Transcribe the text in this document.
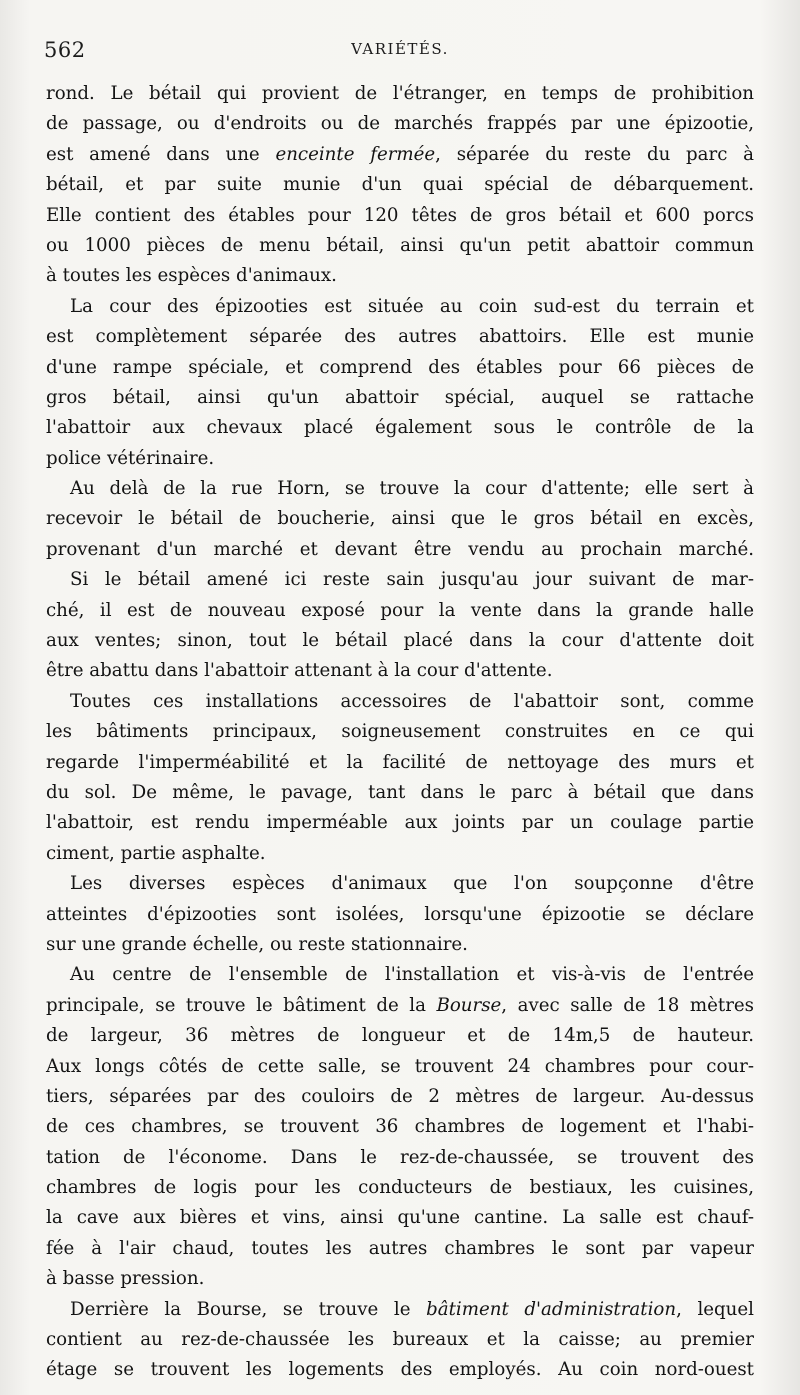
562	VARIÉTÉS.
rond. Le bétail qui provient de l'étranger, en temps de prohibition
de passage, ou d'endroits ou de marchés frappés par une épizootie,
est amené dans une enceinte fermée, séparée du reste du parc à
bétail, et par suite munie d'un quai spécial de débarquement.
Elle contient des étables pour 120 têtes de gros bétail et 600 porcs
ou 1000 pièces de menu bétail, ainsi qu'un petit abattoir commun
à toutes les espèces d'animaux.
La cour des épizooties est située au coin sud-est du terrain et
est complètement séparée des autres abattoirs. Elle est munie
d'une rampe spéciale, et comprend des étables pour 66 pièces de
gros bétail, ainsi qu'un abattoir spécial, auquel se rattache
l'abattoir aux chevaux placé également sous le contrôle de la
police vétérinaire.
Au delà de la rue Horn, se trouve la cour d'attente; elle sert à
recevoir le bétail de boucherie, ainsi que le gros bétail en excès,
provenant d'un marché et devant être vendu au prochain marché.
Si le bétail amené ici reste sain jusqu'au jour suivant de mar-
ché, il est de nouveau exposé pour la vente dans la grande halle
aux ventes; sinon, tout le bétail placé dans la cour d'attente doit
être abattu dans l'abattoir attenant à la cour d'attente.
Toutes ces installations accessoires de l'abattoir sont, comme
les bâtiments principaux, soigneusement construites en ce qui
regarde l'imperméabilité et la facilité de nettoyage des murs et
du sol. De même, le pavage, tant dans le parc à bétail que dans
l'abattoir, est rendu imperméable aux joints par un coulage partie
ciment, partie asphalte.
Les diverses espèces d'animaux que l'on soupçonne d'être
atteintes d'épizooties sont isolées, lorsqu'une épizootie se déclare
sur une grande échelle, ou reste stationnaire.
Au centre de l'ensemble de l'installation et vis-à-vis de l'entrée
principale, se trouve le bâtiment de la Bourse, avec salle de 18 mètres
de largeur, 36 mètres de longueur et de 14m,5 de hauteur.
Aux longs côtés de cette salle, se trouvent 24 chambres pour cour-
tiers, séparées par des couloirs de 2 mètres de largeur. Au-dessus
de ces chambres, se trouvent 36 chambres de logement et l'habi-
tation de l'économe. Dans le rez-de-chaussée, se trouvent des
chambres de logis pour les conducteurs de bestiaux, les cuisines,
la cave aux bières et vins, ainsi qu'une cantine. La salle est chauf-
fée à l'air chaud, toutes les autres chambres le sont par vapeur
à basse pression.
Derrière la Bourse, se trouve le bâtiment d'administration, lequel
contient au rez-de-chaussée les bureaux et la caisse; au premier
étage se trouvent les logements des employés. Au coin nord-ouest
